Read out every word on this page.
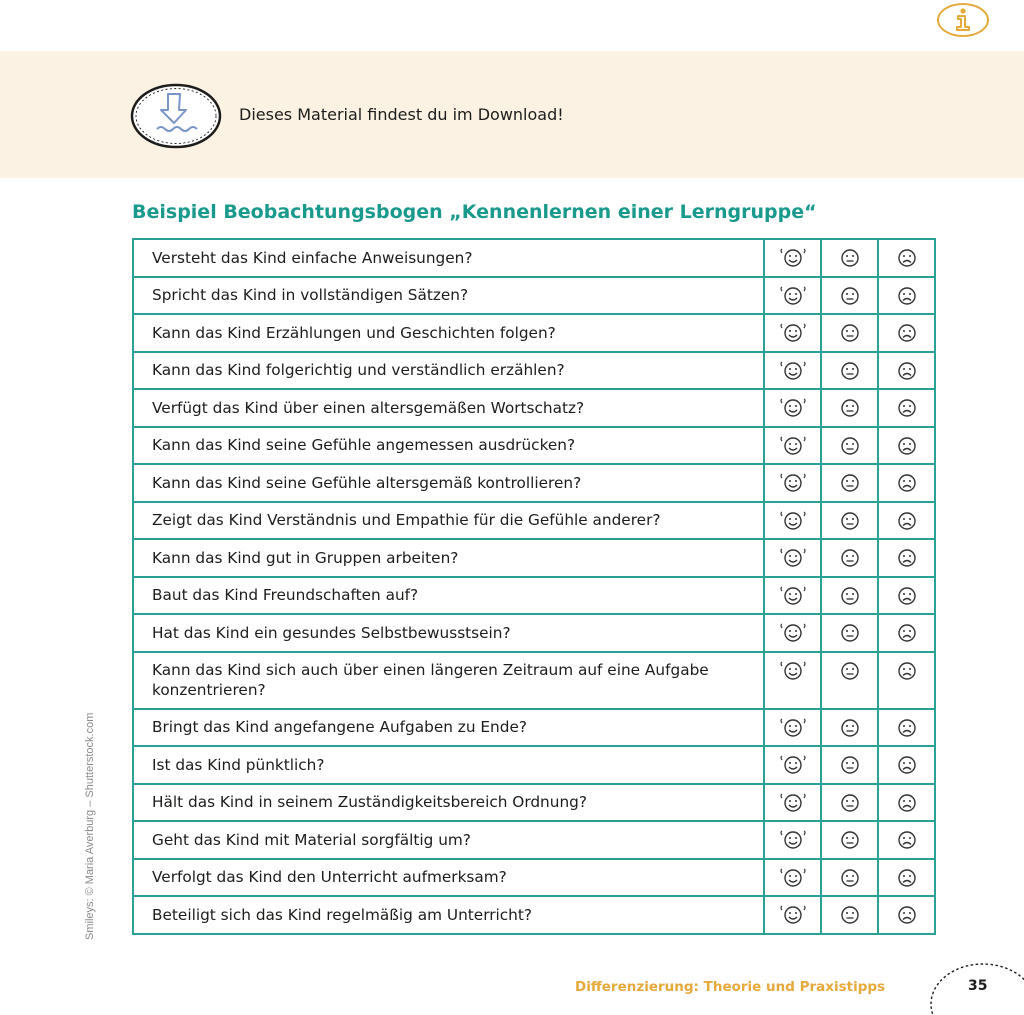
Dieses Material findest du im Download!
Beispiel Beobachtungsbogen „Kennenlernen einer Lerngruppe“
Versteht das Kind einfache Anweisungen?			
Spricht das Kind in vollständigen Sätzen?			
Kann das Kind Erzählungen und Geschichten folgen?			
Kann das Kind folgerichtig und verständlich erzählen?			
Verfügt das Kind über einen altersgemäßen Wortschatz?			
Kann das Kind seine Gefühle angemessen ausdrücken?			
Kann das Kind seine Gefühle altersgemäß kontrollieren?			
Zeigt das Kind Verständnis und Empathie für die Gefühle anderer?			
Kann das Kind gut in Gruppen arbeiten?			
Baut das Kind Freundschaften auf?			
Hat das Kind ein gesundes Selbstbewusstsein?			
Kann das Kind sich auch über einen längeren Zeitraum auf eine Aufgabe konzentrieren?			
Bringt das Kind angefangene Aufgaben zu Ende?			
Ist das Kind pünktlich?			
Hält das Kind in seinem Zuständigkeitsbereich Ordnung?			
Geht das Kind mit Material sorgfältig um?			
Verfolgt das Kind den Unterricht aufmerksam?			
Beteiligt sich das Kind regelmäßig am Unterricht?			
Smileys: © Maria Averburg – Shutterstock.com
Differenzierung: Theorie und Praxistipps	35
